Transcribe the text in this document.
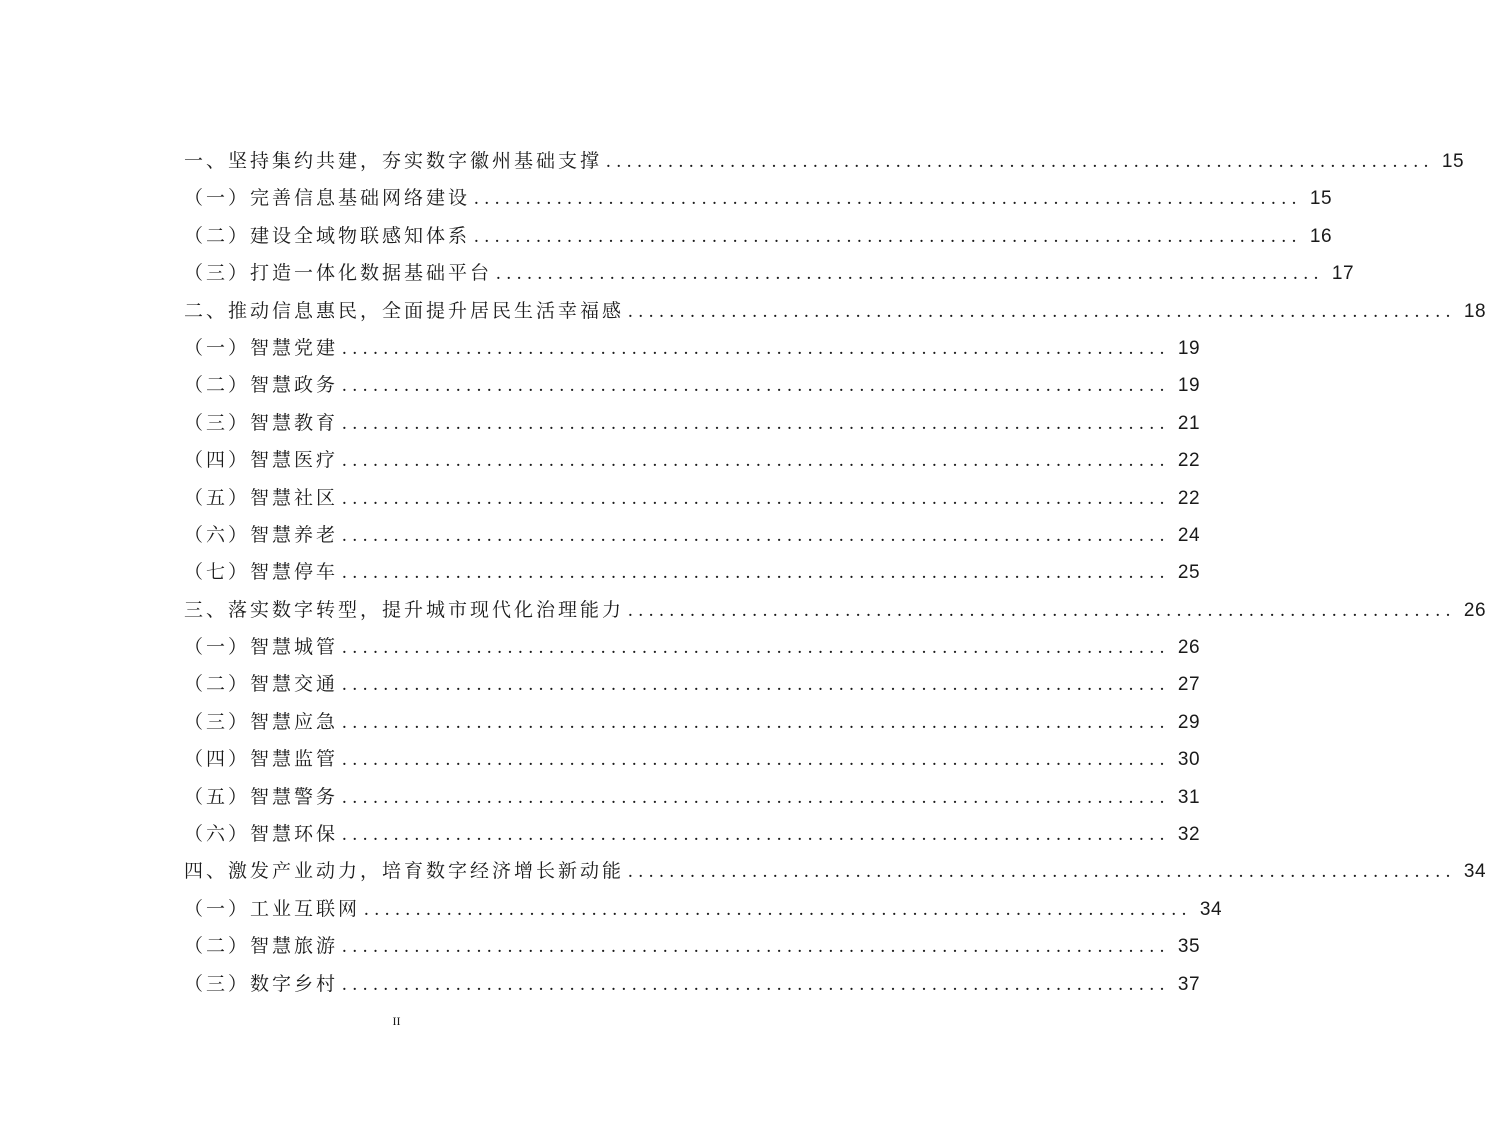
一、坚持集约共建，夯实数字徽州基础支撑 ................................................................................ 15
（一）完善信息基础网络建设 ................................................................................ 15
（二）建设全域物联感知体系 ................................................................................ 16
（三）打造一体化数据基础平台 ................................................................................ 17
二、推动信息惠民，全面提升居民生活幸福感 ................................................................................ 18
（一）智慧党建 ................................................................................ 19
（二）智慧政务 ................................................................................ 19
（三）智慧教育 ................................................................................ 21
（四）智慧医疗 ................................................................................ 22
（五）智慧社区 ................................................................................ 22
（六）智慧养老 ................................................................................ 24
（七）智慧停车 ................................................................................ 25
三、落实数字转型，提升城市现代化治理能力 ................................................................................ 26
（一）智慧城管 ................................................................................ 26
（二）智慧交通 ................................................................................ 27
（三）智慧应急 ................................................................................ 29
（四）智慧监管 ................................................................................ 30
（五）智慧警务 ................................................................................ 31
（六）智慧环保 ................................................................................ 32
四、激发产业动力，培育数字经济增长新动能 ................................................................................ 34
（一）工业互联网 ................................................................................ 34
（二）智慧旅游 ................................................................................ 35
（三）数字乡村 ................................................................................ 37
II
